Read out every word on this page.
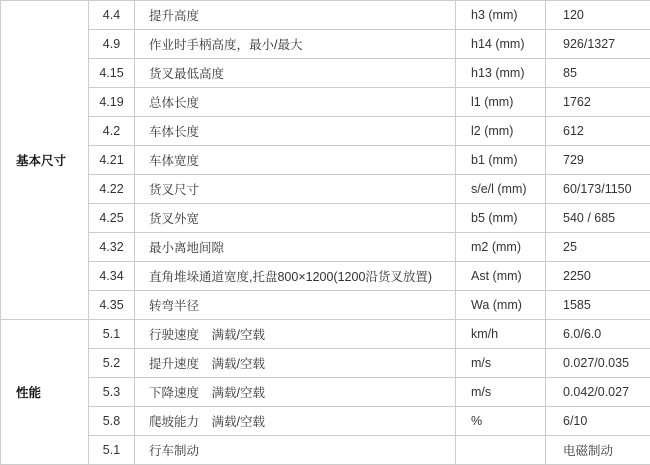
基本尺寸	4.4	提升高度	h3 (mm)	120
	4.9	作业时手柄高度，最小/最大	h14 (mm)	926/1327
	4.15	货叉最低高度	h13 (mm)	85
	4.19	总体长度	l1 (mm)	1762
	4.2	车体长度	l2 (mm)	612
	4.21	车体宽度	b1 (mm)	729
	4.22	货叉尺寸	s/e/l (mm)	60/173/1150
	4.25	货叉外宽	b5 (mm)	540 / 685
	4.32	最小离地间隙	m2 (mm)	25
	4.34	直角堆垛通道宽度,托盘800×1200(1200沿货叉放置)	Ast (mm)	2250
	4.35	转弯半径	Wa (mm)	1585
性能	5.1	行驶速度　满载/空载	km/h	6.0/6.0
	5.2	提升速度　满载/空载	m/s	0.027/0.035
	5.3	下降速度　满载/空载	m/s	0.042/0.027
	5.8	爬坡能力　满载/空载	%	6/10
	5.1	行车制动		电磁制动
